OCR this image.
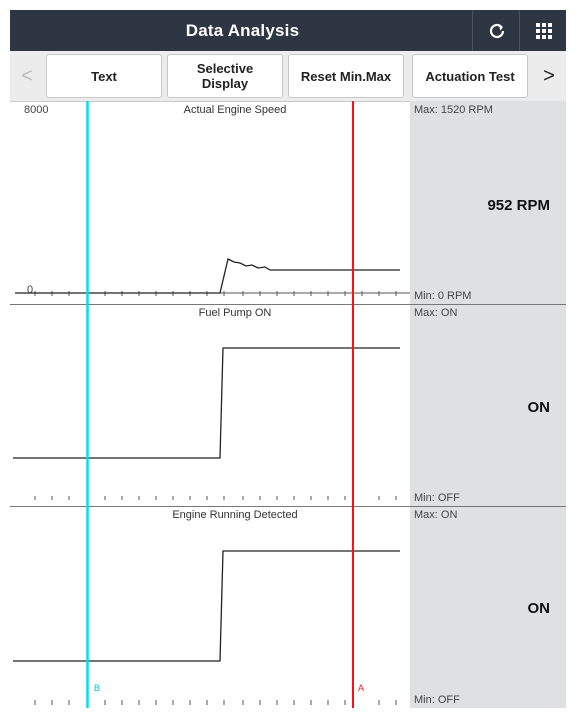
Data Analysis
<	Text	Selective
Display	Reset Min.Max	Actuation Test	>
8000
0
Actual Engine Speed	Max: 1520 RPM
952 RPM
Min: 0 RPM
Fuel Pump ON	Max: ON
ON
Min: OFF
Engine Running Detected	Max: ON
ON
Min: OFF
B	A
